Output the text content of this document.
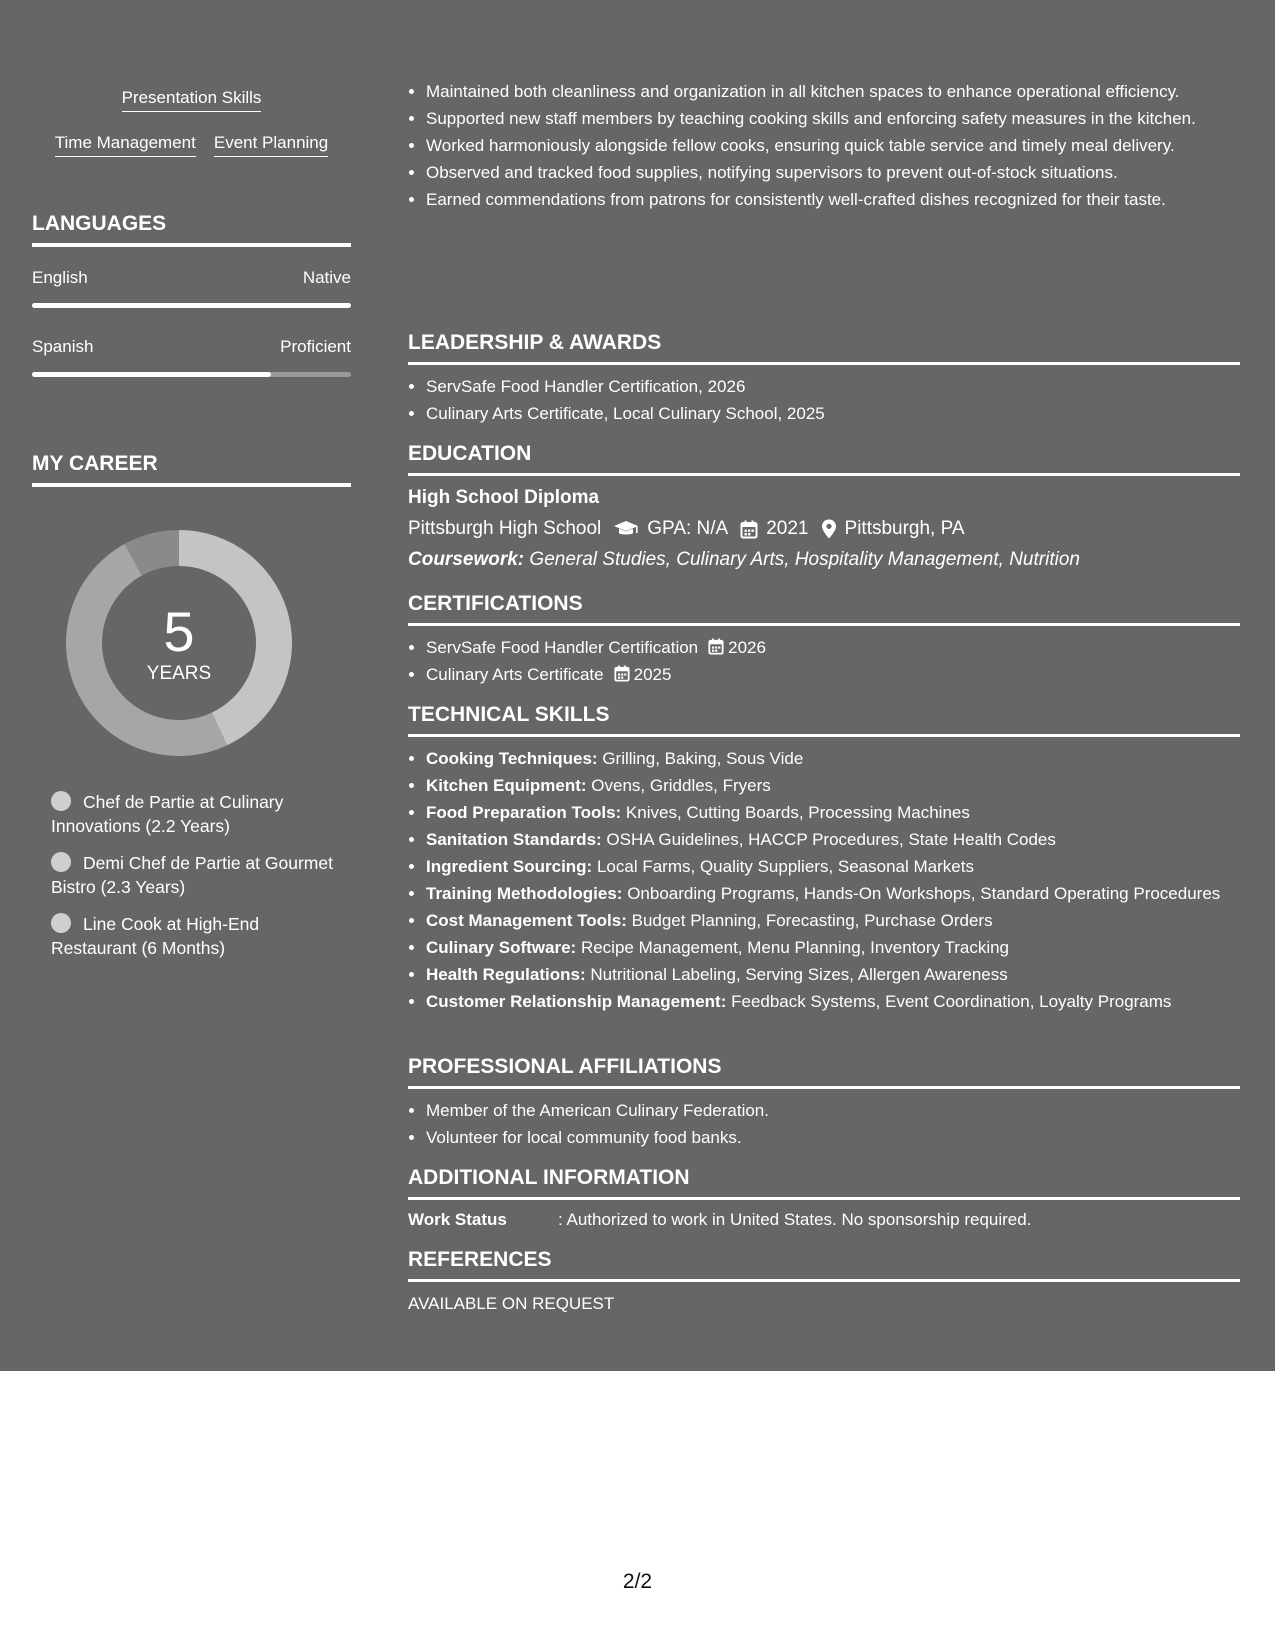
Presentation Skills
Time Management Event Planning
LANGUAGES
English	Native
Spanish	Proficient
MY CAREER
5
YEARS
Chef de Partie at Culinary Innovations (2.2 Years)
Demi Chef de Partie at Gourmet Bistro (2.3 Years)
Line Cook at High-End Restaurant (6 Months)
• Maintained both cleanliness and organization in all kitchen spaces to enhance operational efficiency.
• Supported new staff members by teaching cooking skills and enforcing safety measures in the kitchen.
• Worked harmoniously alongside fellow cooks, ensuring quick table service and timely meal delivery.
• Observed and tracked food supplies, notifying supervisors to prevent out-of-stock situations.
• Earned commendations from patrons for consistently well-crafted dishes recognized for their taste.
LEADERSHIP & AWARDS
• ServSafe Food Handler Certification, 2026
• Culinary Arts Certificate, Local Culinary School, 2025
EDUCATION
High School Diploma
Pittsburgh High School GPA: N/A 2021 Pittsburgh, PA
Coursework: General Studies, Culinary Arts, Hospitality Management, Nutrition
CERTIFICATIONS
• ServSafe Food Handler Certification 2026
• Culinary Arts Certificate 2025
TECHNICAL SKILLS
• Cooking Techniques: Grilling, Baking, Sous Vide
• Kitchen Equipment: Ovens, Griddles, Fryers
• Food Preparation Tools: Knives, Cutting Boards, Processing Machines
• Sanitation Standards: OSHA Guidelines, HACCP Procedures, State Health Codes
• Ingredient Sourcing: Local Farms, Quality Suppliers, Seasonal Markets
• Training Methodologies: Onboarding Programs, Hands-On Workshops, Standard Operating Procedures
• Cost Management Tools: Budget Planning, Forecasting, Purchase Orders
• Culinary Software: Recipe Management, Menu Planning, Inventory Tracking
• Health Regulations: Nutritional Labeling, Serving Sizes, Allergen Awareness
• Customer Relationship Management: Feedback Systems, Event Coordination, Loyalty Programs
PROFESSIONAL AFFILIATIONS
• Member of the American Culinary Federation.
• Volunteer for local community food banks.
ADDITIONAL INFORMATION
Work Status	: Authorized to work in United States. No sponsorship required.
REFERENCES
AVAILABLE ON REQUEST
2/2
